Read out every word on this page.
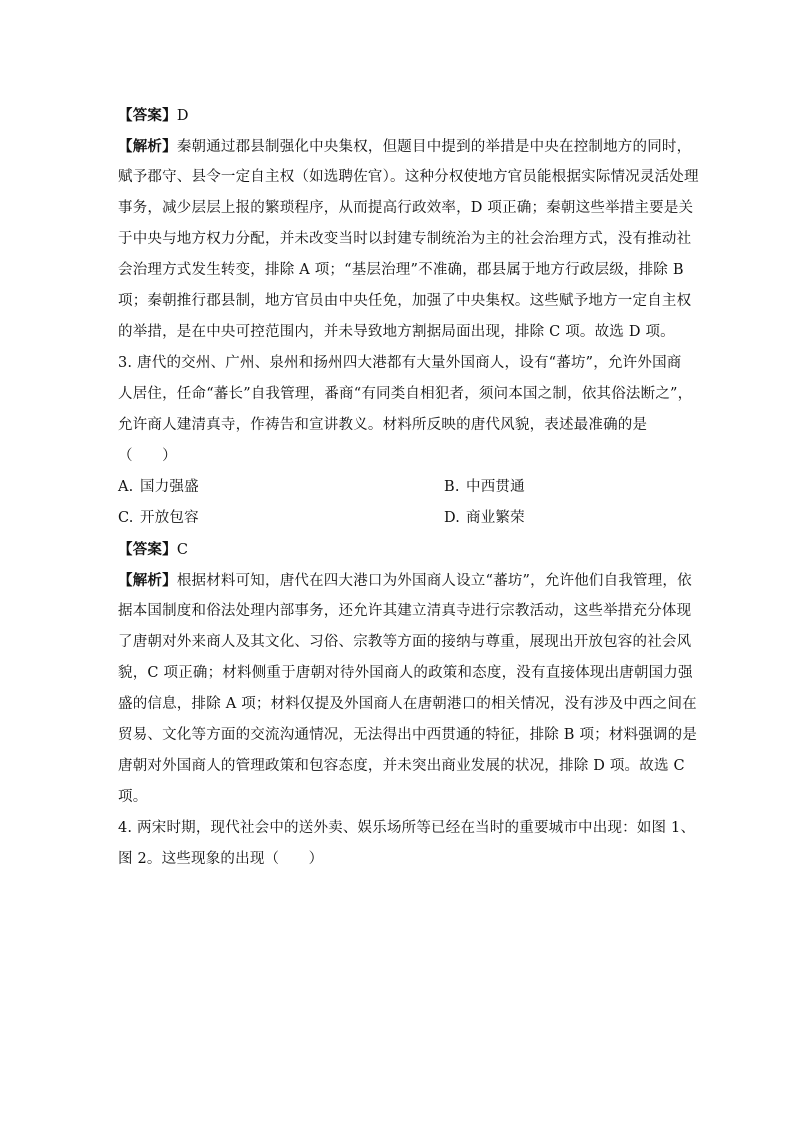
【答案】D
【解析】秦朝通过郡县制强化中央集权，但题目中提到的举措是中央在控制地方的同时，
赋予郡守、县令一定自主权（如选聘佐官）。这种分权使地方官员能根据实际情况灵活处理
事务，减少层层上报的繁琐程序，从而提高行政效率，D 项正确；秦朝这些举措主要是关
于中央与地方权力分配，并未改变当时以封建专制统治为主的社会治理方式，没有推动社
会治理方式发生转变，排除 A 项；“基层治理”不准确，郡县属于地方行政层级，排除 B
项；秦朝推行郡县制，地方官员由中央任免，加强了中央集权。这些赋予地方一定自主权
的举措，是在中央可控范围内，并未导致地方割据局面出现，排除 C 项。故选 D 项。
3. 唐代的交州、广州、泉州和扬州四大港都有大量外国商人，设有“蕃坊”，允许外国商
人居住，任命“蕃长”自我管理，番商“有同类自相犯者，须问本国之制，依其俗法断之”，
允许商人建清真寺，作祷告和宣讲教义。材料所反映的唐代风貌，表述最准确的是
（　　）
A. 国力强盛	B. 中西贯通
C. 开放包容	D. 商业繁荣
【答案】C
【解析】根据材料可知，唐代在四大港口为外国商人设立“蕃坊”，允许他们自我管理，依
据本国制度和俗法处理内部事务，还允许其建立清真寺进行宗教活动，这些举措充分体现
了唐朝对外来商人及其文化、习俗、宗教等方面的接纳与尊重，展现出开放包容的社会风
貌，C 项正确；材料侧重于唐朝对待外国商人的政策和态度，没有直接体现出唐朝国力强
盛的信息，排除 A 项；材料仅提及外国商人在唐朝港口的相关情况，没有涉及中西之间在
贸易、文化等方面的交流沟通情况，无法得出中西贯通的特征，排除 B 项；材料强调的是
唐朝对外国商人的管理政策和包容态度，并未突出商业发展的状况，排除 D 项。故选 C
项。
4. 两宋时期，现代社会中的送外卖、娱乐场所等已经在当时的重要城市中出现：如图 1、
图 2。这些现象的出现（　　）
